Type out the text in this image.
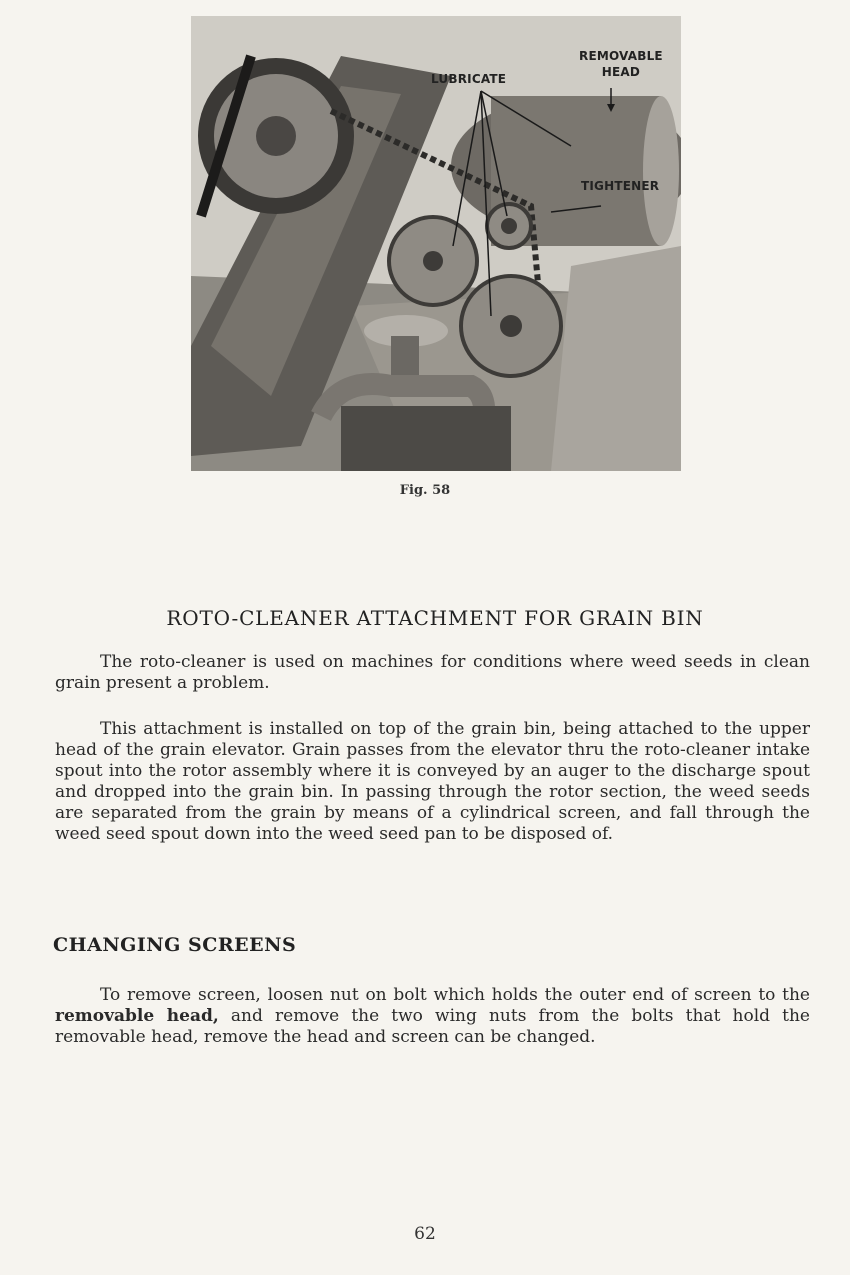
LUBRICATE
REMOVABLE
HEAD
TIGHTENER
Fig. 58
ROTO-CLEANER ATTACHMENT FOR GRAIN BIN

The roto-cleaner is used on machines for conditions where weed seeds in clean grain present a problem.

This attachment is installed on top of the grain bin, being attached to the upper head of the grain elevator. Grain passes from the elevator thru the roto-cleaner intake spout into the rotor assembly where it is conveyed by an auger to the discharge spout and dropped into the grain bin. In passing through the rotor section, the weed seeds are separated from the grain by means of a cylindrical screen, and fall through the weed seed spout down into the weed seed pan to be disposed of.

CHANGING SCREENS

To remove screen, loosen nut on bolt which holds the outer end of screen to the removable head, and remove the two wing nuts from the bolts that hold the removable head, remove the head and screen can be changed.

62
